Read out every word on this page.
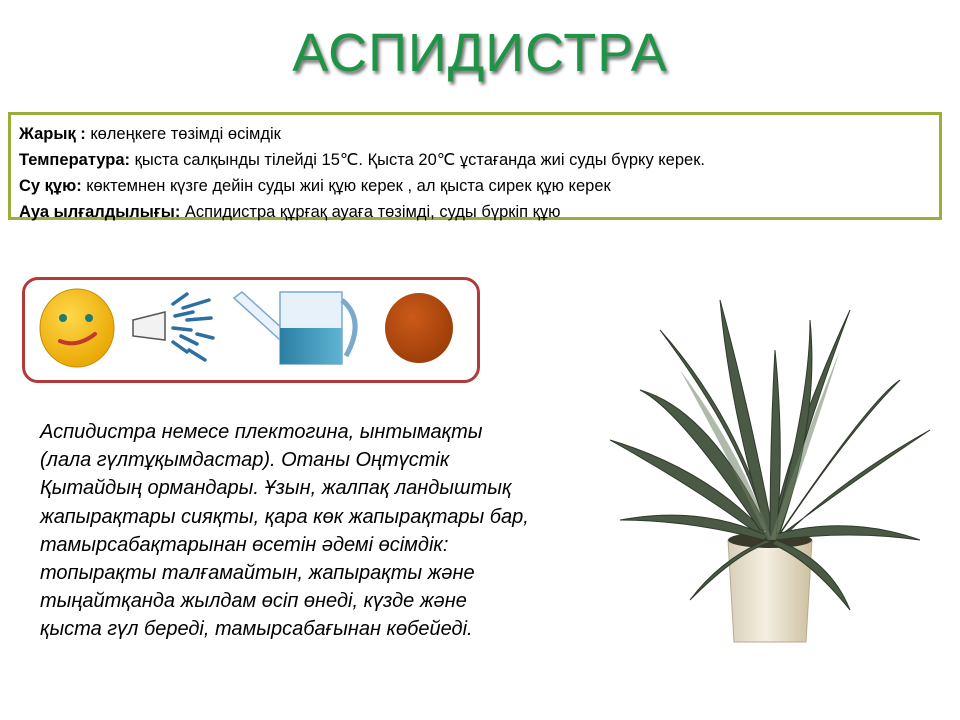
АСПИДИСТРА
Жарық : көлеңкеге төзімді өсімдік
Температура: қыста салқынды тілейді 15℃. Қыста 20℃ ұстағанда жиі суды бүрку керек.
Су құю: көктемнен күзге дейін суды жиі құю керек , ал қыста сирек құю керек
Ауа ылғалдылығы: Аспидистра құрғақ ауаға төзімді, суды бүркіп құю
Аспидистра немесе плектогина, ынтымақты
(лала гүлтұқымдастар). Отаны Оңтүстік
Қытайдың ормандары. Ұзын, жалпақ ландыштық
жапырақтары сияқты, қара көк жапырақтары бар,
тамырсабақтарынан өсетін әдемі өсімдік:
топырақты талғамайтын, жапырақты және
тыңайтқанда жылдам өсіп өнеді, күзде және
қыста гүл береді, тамырсабағынан көбейеді.
